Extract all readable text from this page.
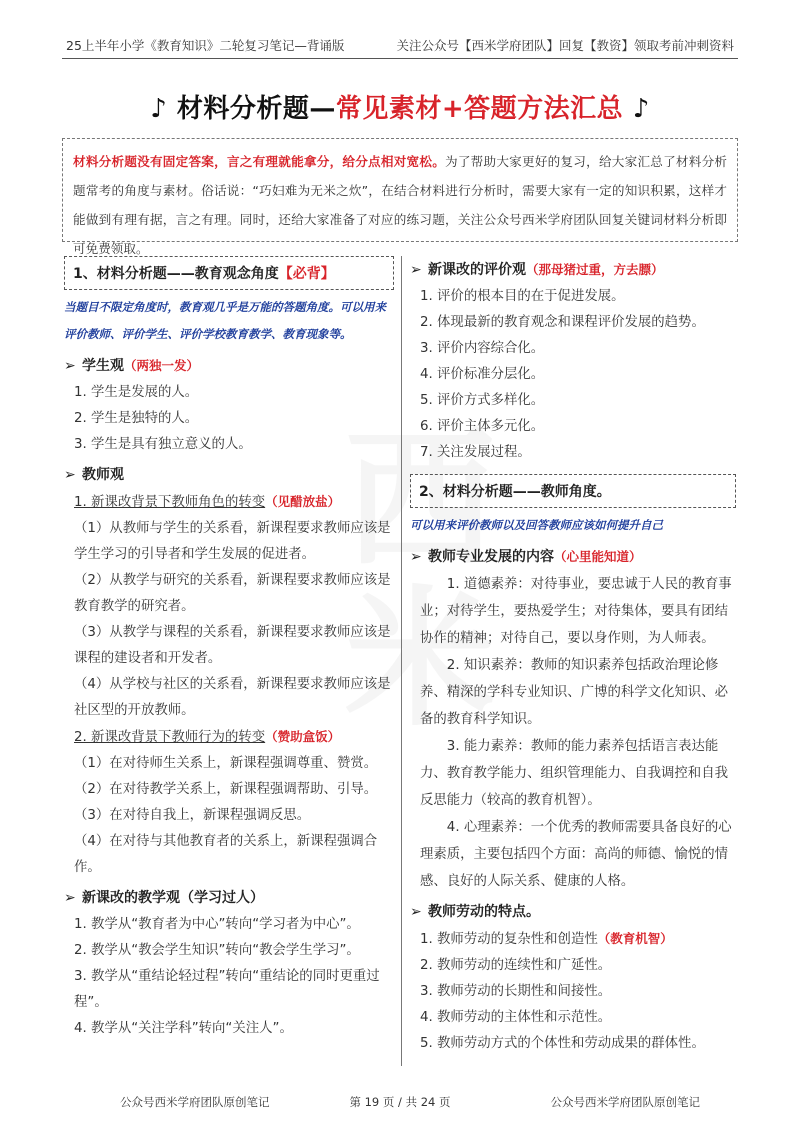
25上半年小学《教育知识》二轮复习笔记—背诵版	关注公众号【西米学府团队】回复【教资】领取考前冲刺资料
♪ 材料分析题—常见素材+答题方法汇总 ♪
材料分析题没有固定答案，言之有理就能拿分，给分点相对宽松。为了帮助大家更好的复习，给大家汇总了材料分析题常考的角度与素材。俗话说：“巧妇难为无米之炊”，在结合材料进行分析时，需要大家有一定的知识积累，这样才能做到有理有据，言之有理。同时，还给大家准备了对应的练习题，关注公众号西米学府团队回复关键词材料分析即可免费领取。

1、材料分析题——教育观念角度【必背】
当题目不限定角度时，教育观几乎是万能的答题角度。可以用来评价教师、评价学生、评价学校教育教学、教育现象等。
➢ 学生观（两独一发）
1. 学生是发展的人。
2. 学生是独特的人。
3. 学生是具有独立意义的人。
➢ 教师观
1. 新课改背景下教师角色的转变（见醋放盐）
（1）从教师与学生的关系看，新课程要求教师应该是学生学习的引导者和学生发展的促进者。
（2）从教学与研究的关系看，新课程要求教师应该是教育教学的研究者。
（3）从教学与课程的关系看，新课程要求教师应该是课程的建设者和开发者。
（4）从学校与社区的关系看，新课程要求教师应该是社区型的开放教师。
2. 新课改背景下教师行为的转变（赞助盒饭）
（1）在对待师生关系上，新课程强调尊重、赞赏。
（2）在对待教学关系上，新课程强调帮助、引导。
（3）在对待自我上，新课程强调反思。
（4）在对待与其他教育者的关系上，新课程强调合作。
➢ 新课改的教学观（学习过人）
1. 教学从“教育者为中心”转向“学习者为中心”。
2. 教学从“教会学生知识”转向“教会学生学习”。
3. 教学从“重结论轻过程”转向“重结论的同时更重过程”。
4. 教学从“关注学科”转向“关注人”。
➢ 新课改的评价观（那母猪过重，方去膘）
1. 评价的根本目的在于促进发展。
2. 体现最新的教育观念和课程评价发展的趋势。
3. 评价内容综合化。
4. 评价标准分层化。
5. 评价方式多样化。
6. 评价主体多元化。
7. 关注发展过程。
2、材料分析题——教师角度。
可以用来评价教师以及回答教师应该如何提升自己
➢ 教师专业发展的内容（心里能知道）
1. 道德素养：对待事业，要忠诚于人民的教育事业；对待学生，要热爱学生；对待集体，要具有团结协作的精神；对待自己，要以身作则，为人师表。
2. 知识素养：教师的知识素养包括政治理论修养、精深的学科专业知识、广博的科学文化知识、必备的教育科学知识。
3. 能力素养：教师的能力素养包括语言表达能力、教育教学能力、组织管理能力、自我调控和自我反思能力（较高的教育机智）。
4. 心理素养：一个优秀的教师需要具备良好的心理素质，主要包括四个方面：高尚的师德、愉悦的情感、良好的人际关系、健康的人格。
➢ 教师劳动的特点。
1. 教师劳动的复杂性和创造性（教育机智）
2. 教师劳动的连续性和广延性。
3. 教师劳动的长期性和间接性。
4. 教师劳动的主体性和示范性。
5. 教师劳动方式的个体性和劳动成果的群体性。
公众号西米学府团队原创笔记	第 19 页 / 共 24 页	公众号西米学府团队原创笔记
